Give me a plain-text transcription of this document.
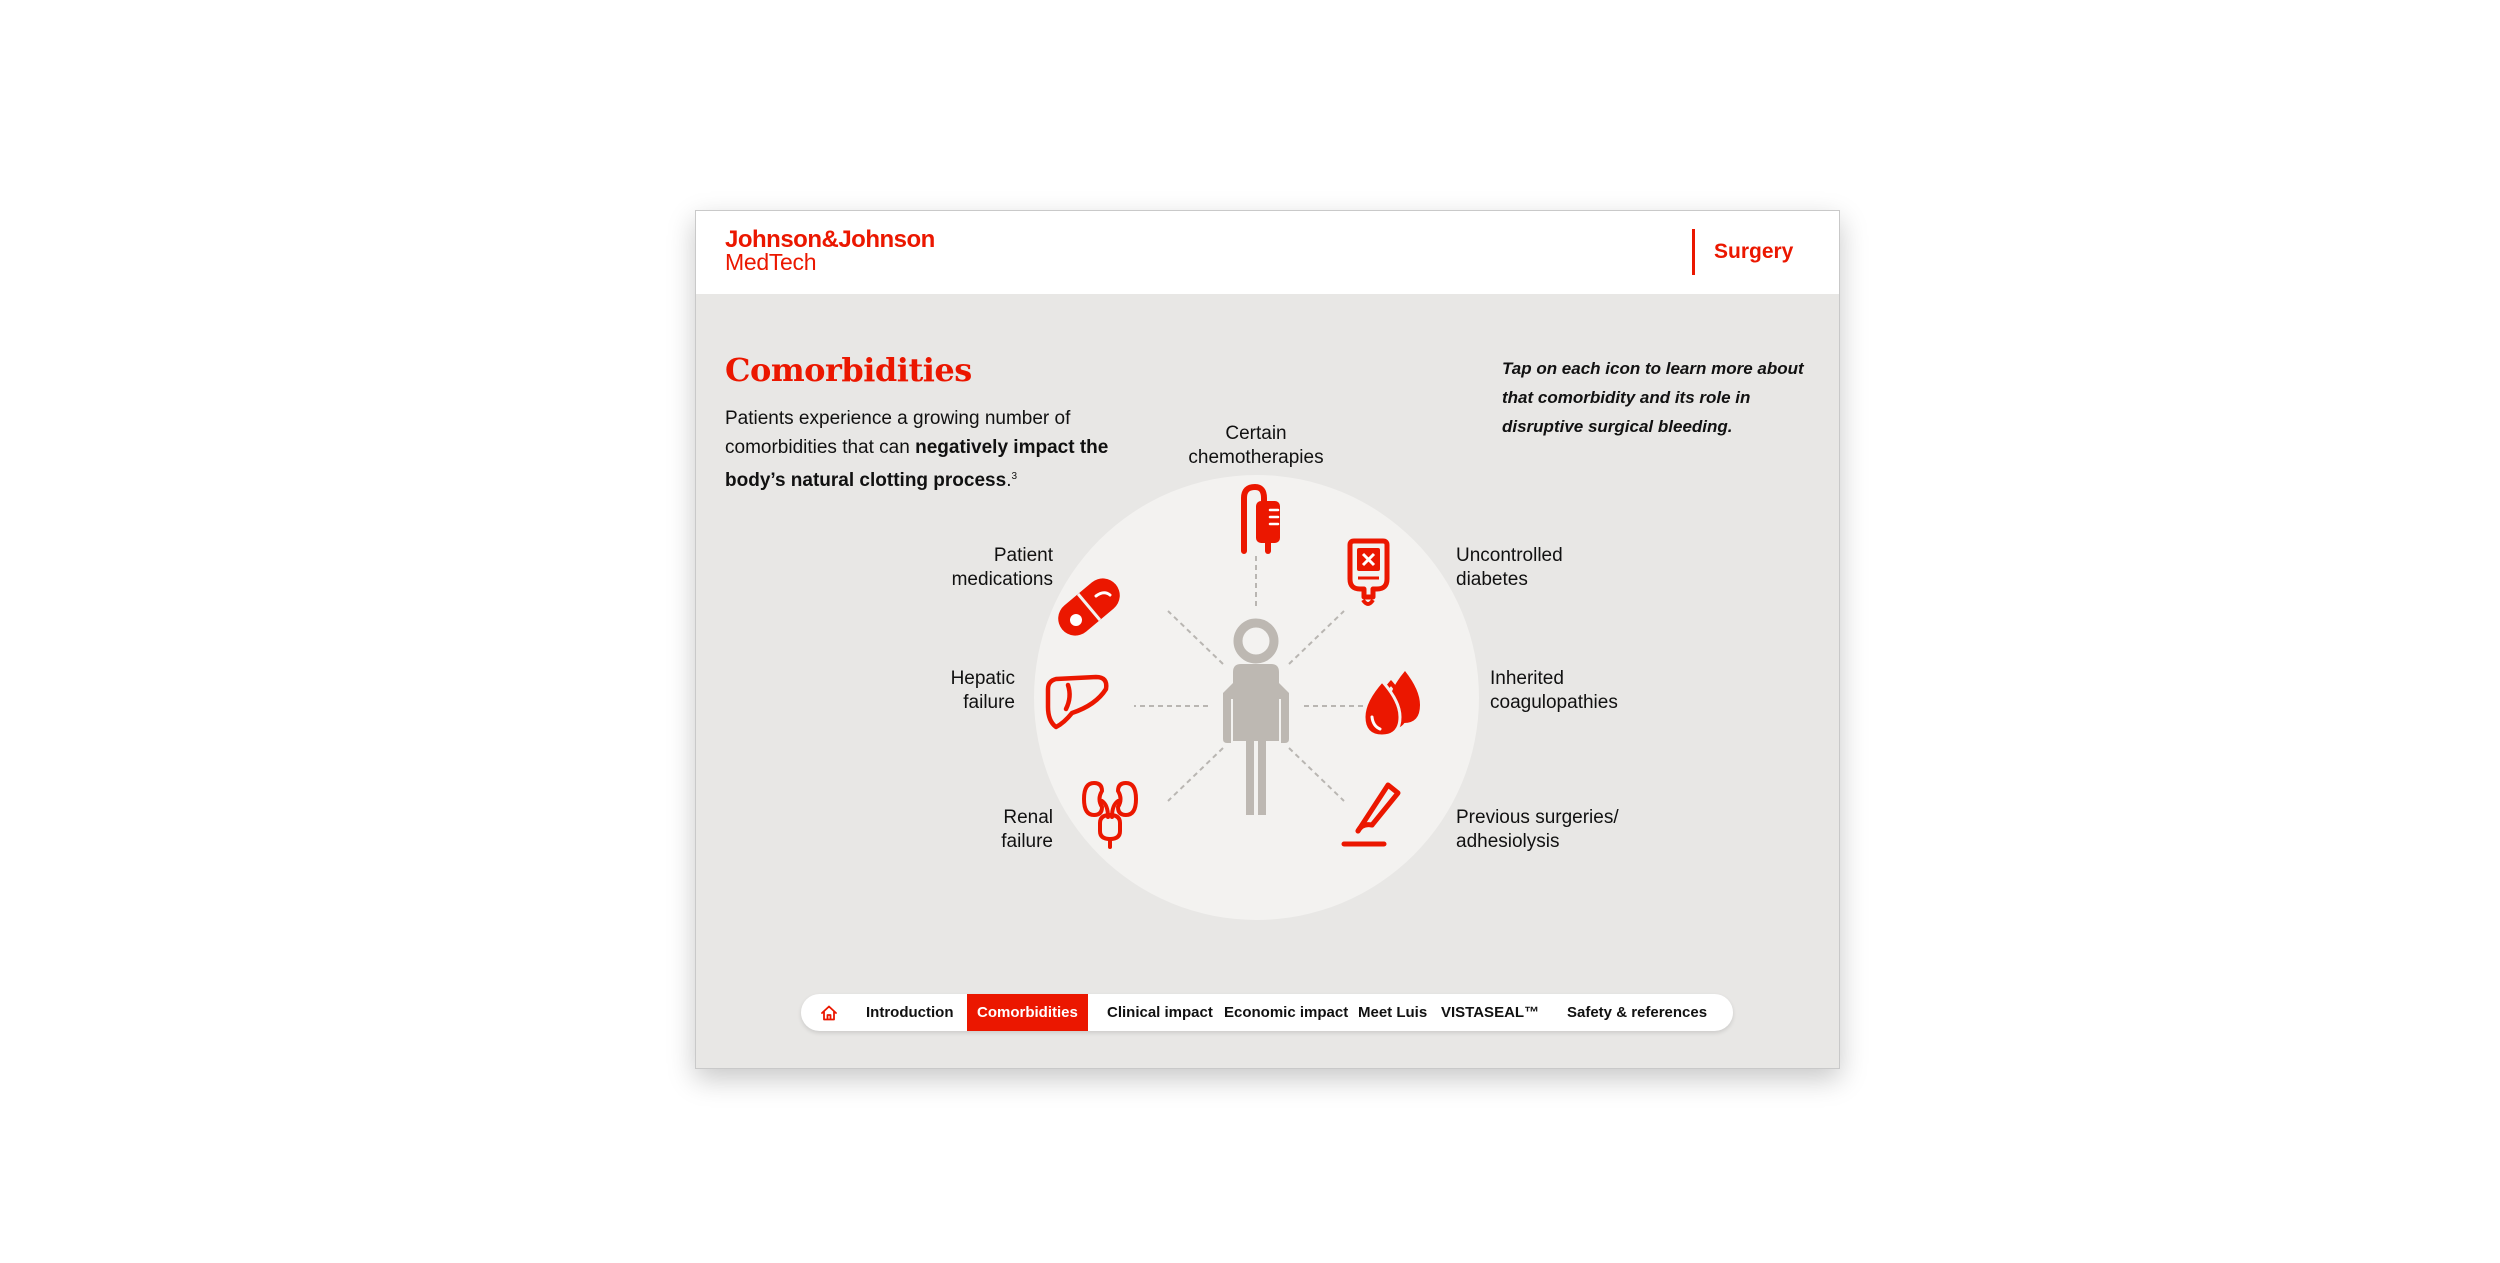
Johnson&Johnson
MedTech	Surgery
Comorbidities
Patients experience a growing number of comorbidities that can negatively impact the body’s natural clotting process.$^3$
Tap on each icon to learn more about that comorbidity and its role in disruptive surgical bleeding.
Certain
chemotherapies
Uncontrolled
diabetes
Inherited
coagulopathies
Previous surgeries/
adhesiolysis
Renal
failure
Hepatic
failure
Patient
medications
Introduction	Comorbidities	Clinical impact Economic impact Meet Luis VISTASEAL™ Safety & references
